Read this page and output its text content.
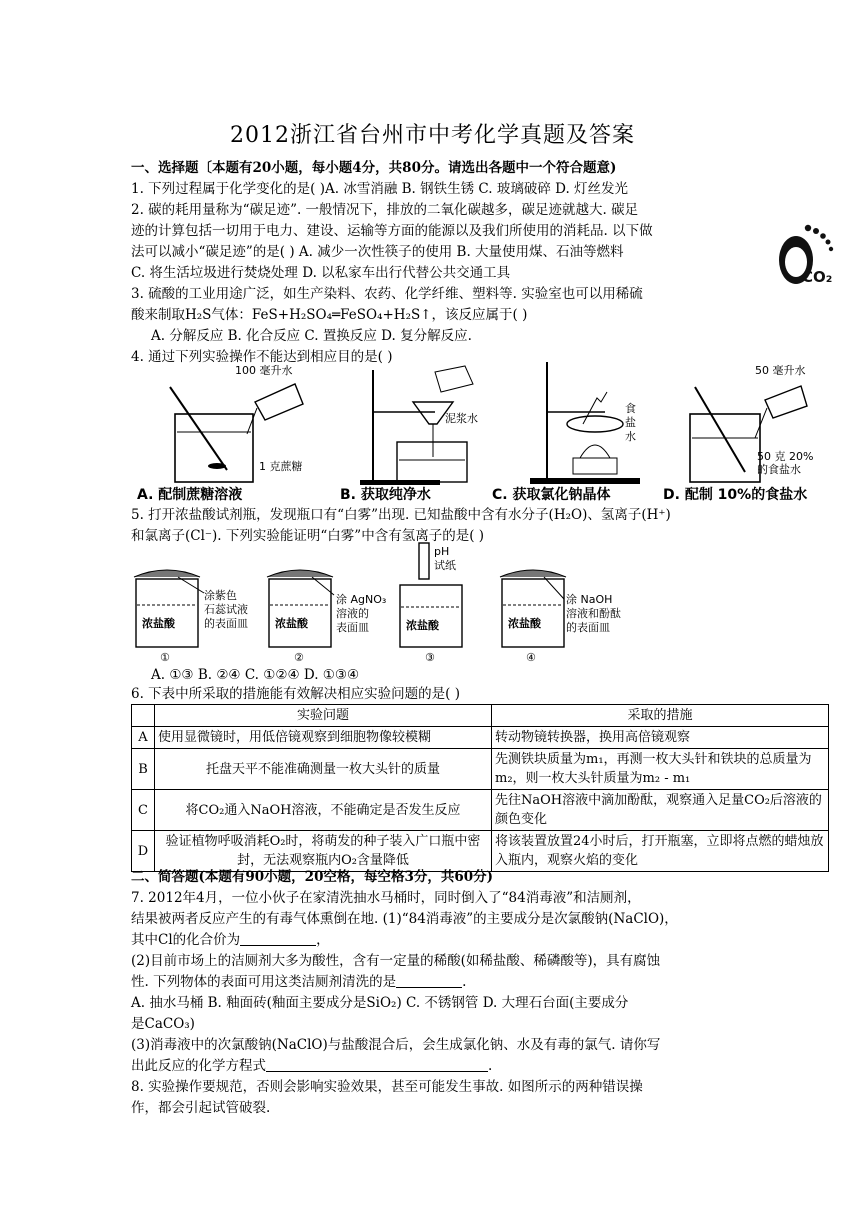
2012浙江省台州市中考化学真题及答案
一、选择题〔本题有20小题，每小题4分，共80分。请选出各题中一个符合题意)
1. 下列过程属于化学变化的是( )A. 冰雪消融 B. 钢铁生锈 C. 玻璃破碎 D. 灯丝发光
2. 碳的耗用量称为“碳足迹”. 一般情况下，排放的二氧化碳越多，碳足迹就越大. 碳足
迹的计算包括一切用于电力、建设、运输等方面的能源以及我们所使用的消耗品. 以下做
法可以减小“碳足迹”的是( ) A. 减少一次性筷子的使用 B. 大量使用煤、石油等燃料
C. 将生活垃圾进行焚烧处理 D. 以私家车出行代替公共交通工具	CO₂
3. 硫酸的工业用途广泛，如生产染料、农药、化学纤维、塑料等. 实验室也可以用稀硫
酸来制取H₂S气体：FeS+H₂SO₄═FeSO₄+H₂S↑，该反应属于( )
A. 分解反应 B. 化合反应 C. 置换反应 D. 复分解反应.
4. 通过下列实验操作不能达到相应目的是( )
100 毫升水
1 克蔗糖
泥浆水
食
盐
水
50 毫升水
50 克 20%
的食盐水
A. 配制蔗糖溶液	B. 获取纯净水	C. 获取氯化钠晶体	D. 配制 10%的食盐水
5. 打开浓盐酸试剂瓶，发现瓶口有“白雾”出现. 已知盐酸中含有水分子(H₂O)、氢离子(H⁺)
和氯离子(Cl⁻). 下列实验能证明“白雾”中含有氢离子的是( )
浓盐酸
涂紫色
石蕊试液
的表面皿
①
浓盐酸
涂 AgNO₃
溶液的
表面皿
②
pH
试纸
浓盐酸
③
浓盐酸
涂 NaOH
溶液和酚酞
的表面皿
④
A. ①③ B. ②④ C. ①②④ D. ①③④
6. 下表中所采取的措施能有效解决相应实验问题的是( )
	实验问题	采取的措施
A	使用显微镜时，用低倍镜观察到细胞物像较模糊	转动物镜转换器，换用高倍镜观察
B	托盘天平不能准确测量一枚大头针的质量	先测铁块质量为m₁，再测一枚大头针和铁块的总质量为m₂，则一枚大头针质量为m₂ - m₁
C	将CO₂通入NaOH溶液，不能确定是否发生反应	先往NaOH溶液中滴加酚酞，观察通入足量CO₂后溶液的颜色变化
D	验证植物呼吸消耗O₂时，将萌发的种子装入广口瓶中密封，无法观察瓶内O₂含量降低	将该装置放置24小时后，打开瓶塞，立即将点燃的蜡烛放入瓶内，观察火焰的变化
二、简答题(本题有90小题，20空格，每空格3分，共60分)
7. 2012年4月，一位小伙子在家清洗抽水马桶时，同时倒入了“84消毒液”和洁厕剂，
结果被两者反应产生的有毒气体熏倒在地. (1)“84消毒液”的主要成分是次氯酸钠(NaClO)，
其中Cl的化合价为	，
(2)目前市场上的洁厕剂大多为酸性，含有一定量的稀酸(如稀盐酸、稀磷酸等)，具有腐蚀
性. 下列物体的表面可用这类洁厕剂清洗的是	.
A. 抽水马桶 B. 釉面砖(釉面主要成分是SiO₂) C. 不锈钢管 D. 大理石台面(主要成分
是CaCO₃)
(3)消毒液中的次氯酸钠(NaClO)与盐酸混合后，会生成氯化钠、水及有毒的氯气. 请你写
出此反应的化学方程式	.
8. 实验操作要规范，否则会影响实验效果，甚至可能发生事故. 如图所示的两种错误操
作，都会引起试管破裂.
